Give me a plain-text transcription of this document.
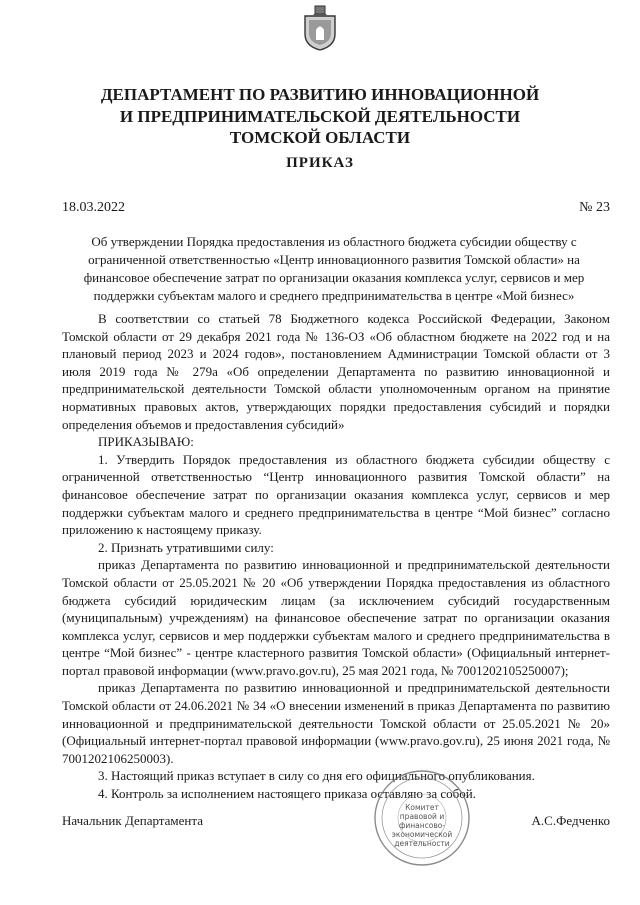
ДЕПАРТАМЕНТ ПО РАЗВИТИЮ ИННОВАЦИОННОЙ
И ПРЕДПРИНИМАТЕЛЬСКОЙ ДЕЯТЕЛЬНОСТИ
ТОМСКОЙ ОБЛАСТИ
ПРИКАЗ
18.03.2022	№ 23

Об утверждении Порядка предоставления из областного бюджета субсидии обществу с ограниченной ответственностью «Центр инновационного развития Томской области» на финансовое обеспечение затрат по организации оказания комплекса услуг, сервисов и мер поддержки субъектам малого и среднего предпринимательства в центре «Мой бизнес»

В соответствии со статьей 78 Бюджетного кодекса Российской Федерации, Законом Томской области от 29 декабря 2021 года № 136-ОЗ «Об областном бюджете на 2022 год и на плановый период 2023 и 2024 годов», постановлением Администрации Томской области от 3 июля 2019 года № 279а «Об определении Департамента по развитию инновационной и предпринимательской деятельности Томской области уполномоченным органом на принятие нормативных правовых актов, утверждающих порядки предоставления субсидий и порядки определения объемов и предоставления субсидий»

ПРИКАЗЫВАЮ:

1. Утвердить Порядок предоставления из областного бюджета субсидии обществу с ограниченной ответственностью “Центр инновационного развития Томской области” на финансовое обеспечение затрат по организации оказания комплекса услуг, сервисов и мер поддержки субъектам малого и среднего предпринимательства в центре “Мой бизнес” согласно приложению к настоящему приказу.

2. Признать утратившими силу:

приказ Департамента по развитию инновационной и предпринимательской деятельности Томской области от 25.05.2021 № 20 «Об утверждении Порядка предоставления из областного бюджета субсидий юридическим лицам (за исключением субсидий государственным (муниципальным) учреждениям) на финансовое обеспечение затрат по организации оказания комплекса услуг, сервисов и мер поддержки субъектам малого и среднего предпринимательства в центре “Мой бизнес” - центре кластерного развития Томской области» (Официальный интернет-портал правовой информации (www.pravo.gov.ru), 25 мая 2021 года, № 7001202105250007);

приказ Департамента по развитию инновационной и предпринимательской деятельности Томской области от 24.06.2021 № 34 «О внесении изменений в приказ Департамента по развитию инновационной и предпринимательской деятельности Томской области от 25.05.2021 № 20» (Официальный интернет-портал правовой информации (www.pravo.gov.ru), 25 июня 2021 года, № 7001202106250003).

3. Настоящий приказ вступает в силу со дня его официального опубликования.

4. Контроль за исполнением настоящего приказа оставляю за собой.

Комитет
правовой и
финансово-
экономической
деятельности
Начальник Департамента	А.С.Федченко
